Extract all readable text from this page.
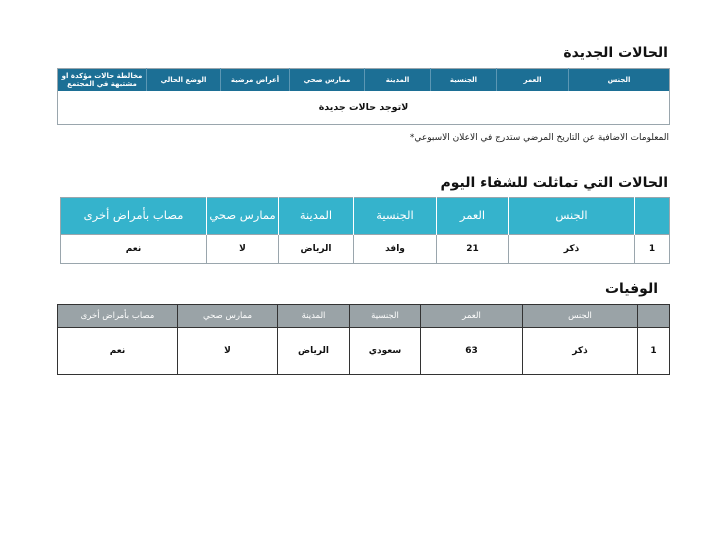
الحالات الجديدة
الجنس	العمر	الجنسية	المدينة	ممارس صحي	أعراض مرضية	الوضع الحالي	مخالطة حالات مؤكدة او مشتبهة في المجتمع
لاتوجد حالات جديدة
المعلومات الاضافية عن التاريخ المرضي ستدرج في الاعلان الاسبوعي*
الحالات التي تماثلت للشفاء اليوم
	الجنس	العمر	الجنسية	المدينة	ممارس صحي	مصاب بأمراض أخرى
1	ذكر	21	وافد	الرياض	لا	نعم
الوفيات
	الجنس	العمر	الجنسية	المدينة	ممارس صحي	مصاب بأمراض أخرى
1	ذكر	63	سعودي	الرياض	لا	نعم
